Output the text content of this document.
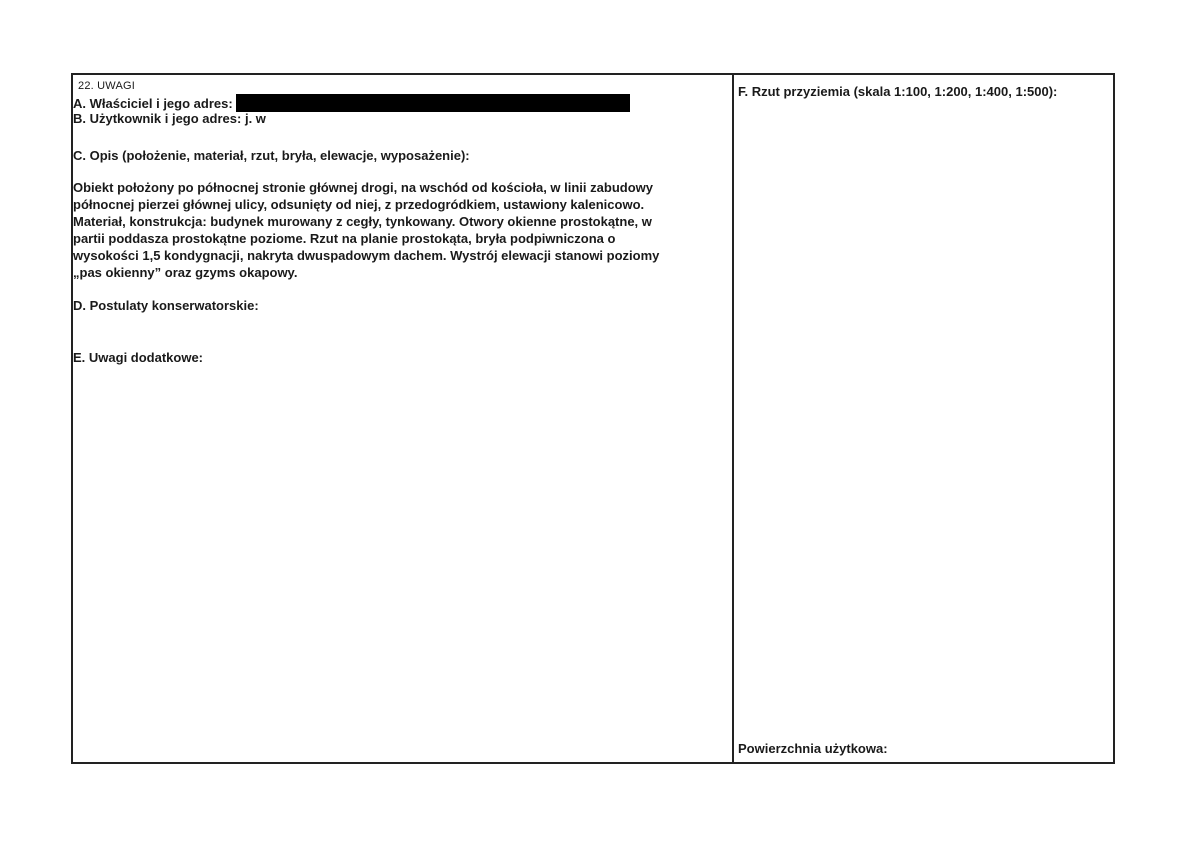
22. UWAGI
A. Właściciel i jego adres:
B. Użytkownik i jego adres: j. w
C. Opis (położenie, materiał, rzut, bryła, elewacje, wyposażenie):
Obiekt położony po północnej stronie głównej drogi, na wschód od kościoła, w linii zabudowy
północnej pierzei głównej ulicy, odsunięty od niej, z przedogródkiem, ustawiony kalenicowo.
Materiał, konstrukcja: budynek murowany z cegły, tynkowany. Otwory okienne prostokątne, w
partii poddasza prostokątne poziome. Rzut na planie prostokąta, bryła podpiwniczona o
wysokości 1,5 kondygnacji, nakryta dwuspadowym dachem. Wystrój elewacji stanowi poziomy
„pas okienny” oraz gzyms okapowy.
D. Postulaty konserwatorskie:
E. Uwagi dodatkowe:
F. Rzut przyziemia (skala 1:100, 1:200, 1:400, 1:500):
Powierzchnia użytkowa:
